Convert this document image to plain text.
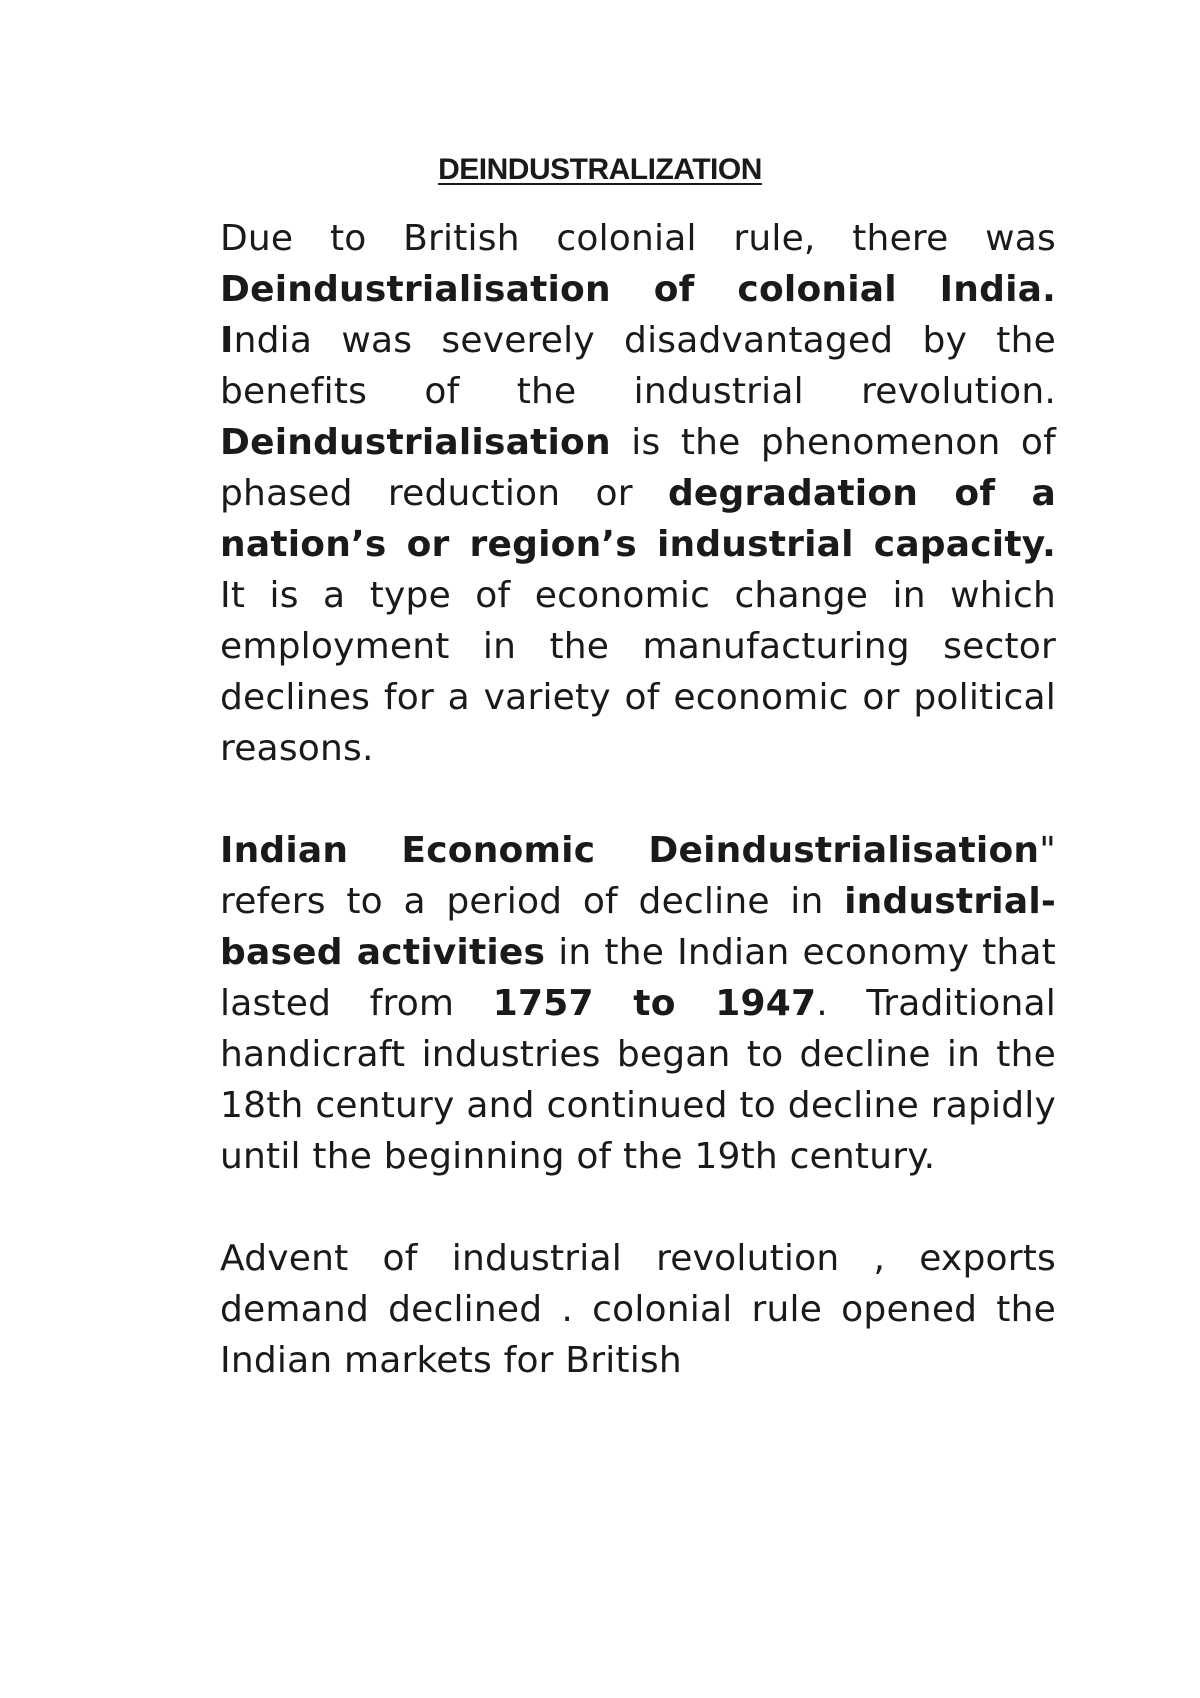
DEINDUSTRALIZATION

Due to British colonial rule, there was Deindustrialisation of colonial India. India was severely disadvantaged by the benefits of the industrial revolution. Deindustrialisation is the phenomenon of phased reduction or degradation of a nation’s or region’s industrial capacity. It is a type of economic change in which employment in the manufacturing sector declines for a variety of economic or political reasons.

Indian Economic Deindustrialisation" refers to a period of decline in industrial-based activities in the Indian economy that lasted from 1757 to 1947. Traditional handicraft industries began to decline in the 18th century and continued to decline rapidly until the beginning of the 19th century.

Advent of industrial revolution , exports demand declined . colonial rule opened the Indian markets for British
